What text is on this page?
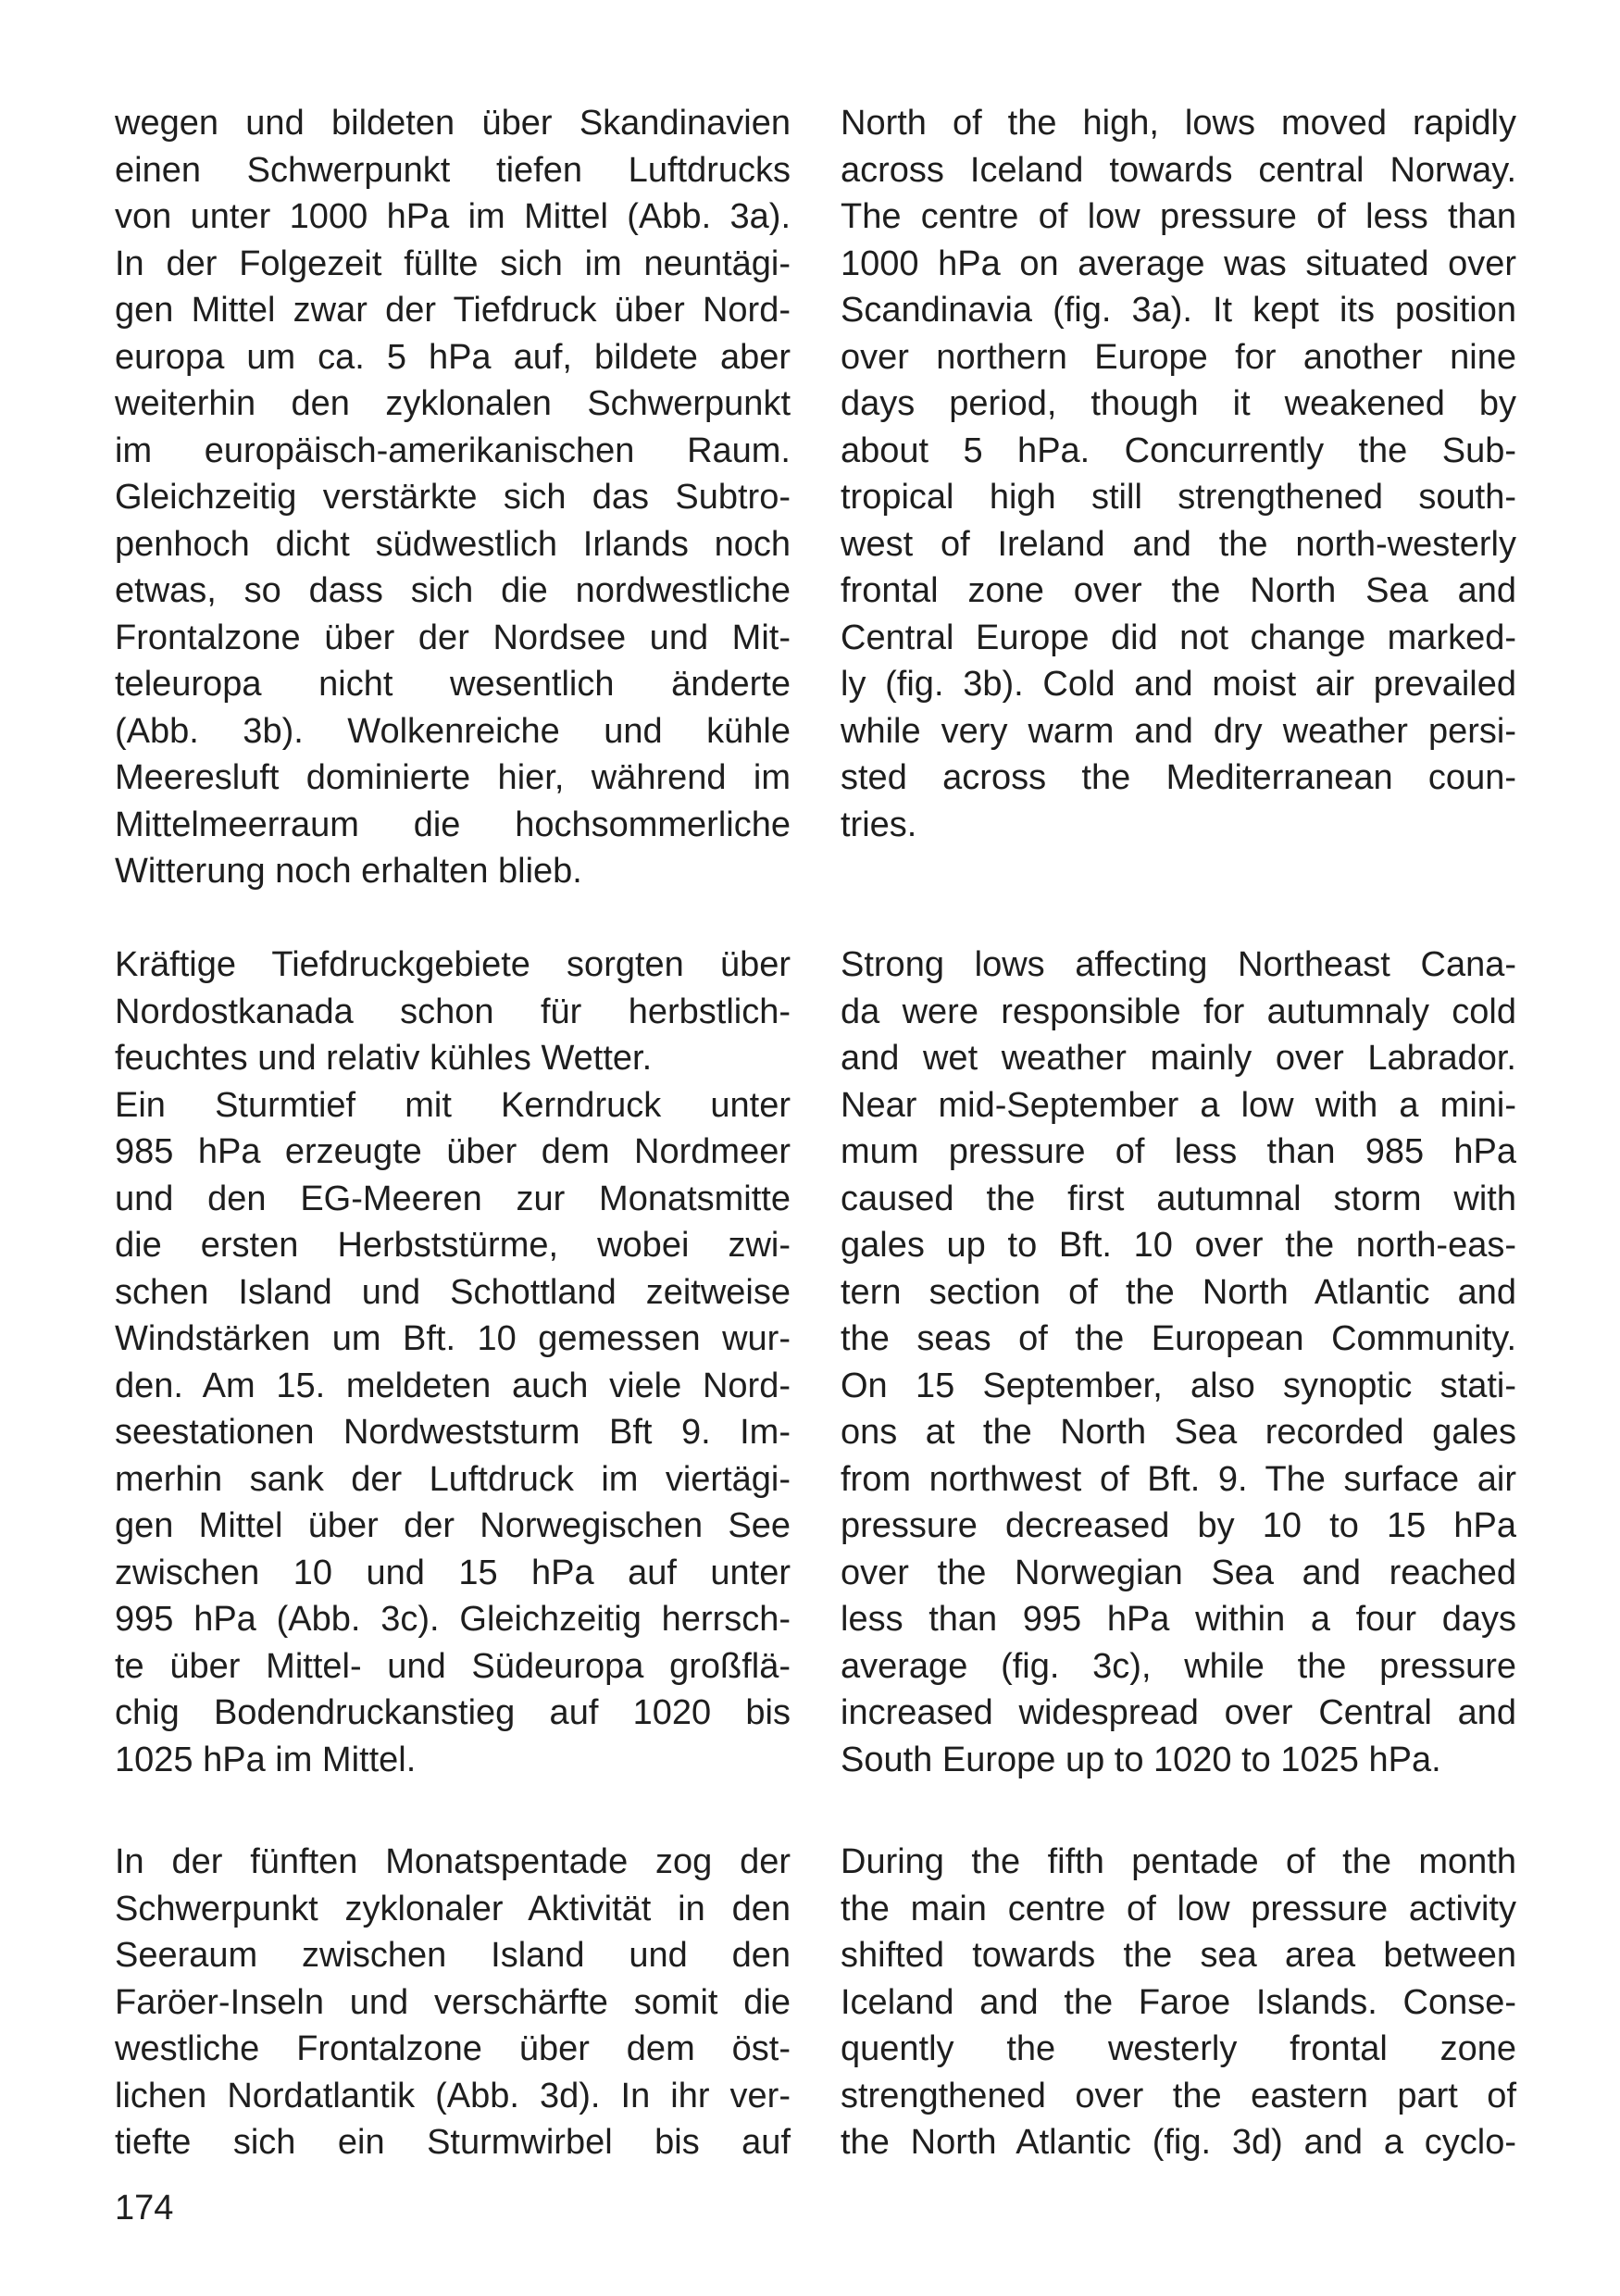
wegen und bildeten über Skandinavien
einen Schwerpunkt tiefen Luftdrucks
von unter 1000 hPa im Mittel (Abb. 3a).
In der Folgezeit füllte sich im neuntägi-
gen Mittel zwar der Tiefdruck über Nord-
europa um ca. 5 hPa auf, bildete aber
weiterhin den zyklonalen Schwerpunkt
im europäisch-amerikanischen Raum.
Gleichzeitig verstärkte sich das Subtro-
penhoch dicht südwestlich Irlands noch
etwas, so dass sich die nordwestliche
Frontalzone über der Nordsee und Mit-
teleuropa nicht wesentlich änderte
(Abb. 3b). Wolkenreiche und kühle
Meeresluft dominierte hier, während im
Mittelmeerraum die hochsommerliche
Witterung noch erhalten blieb.
Kräftige Tiefdruckgebiete sorgten über
Nordostkanada schon für herbstlich-
feuchtes und relativ kühles Wetter.
Ein Sturmtief mit Kerndruck unter
985 hPa erzeugte über dem Nordmeer
und den EG-Meeren zur Monatsmitte
die ersten Herbststürme, wobei zwi-
schen Island und Schottland zeitweise
Windstärken um Bft. 10 gemessen wur-
den. Am 15. meldeten auch viele Nord-
seestationen Nordweststurm Bft 9. Im-
merhin sank der Luftdruck im viertägi-
gen Mittel über der Norwegischen See
zwischen 10 und 15 hPa auf unter
995 hPa (Abb. 3c). Gleichzeitig herrsch-
te über Mittel- und Südeuropa großflä-
chig Bodendruckanstieg auf 1020 bis
1025 hPa im Mittel.
In der fünften Monatspentade zog der
Schwerpunkt zyklonaler Aktivität in den
Seeraum zwischen Island und den
Faröer-Inseln und verschärfte somit die
westliche Frontalzone über dem öst-
lichen Nordatlantik (Abb. 3d). In ihr ver-
tiefte sich ein Sturmwirbel bis auf
North of the high, lows moved rapidly
across Iceland towards central Norway.
The centre of low pressure of less than
1000 hPa on average was situated over
Scandinavia (fig. 3a). It kept its position
over northern Europe for another nine
days period, though it weakened by
about 5 hPa. Concurrently the Sub-
tropical high still strengthened south-
west of Ireland and the north-westerly
frontal zone over the North Sea and
Central Europe did not change marked-
ly (fig. 3b). Cold and moist air prevailed
while very warm and dry weather persi-
sted across the Mediterranean coun-
tries.
Strong lows affecting Northeast Cana-
da were responsible for autumnaly cold
and wet weather mainly over Labrador.
Near mid-September a low with a mini-
mum pressure of less than 985 hPa
caused the first autumnal storm with
gales up to Bft. 10 over the north-eas-
tern section of the North Atlantic and
the seas of the European Community.
On 15 September, also synoptic stati-
ons at the North Sea recorded gales
from northwest of Bft. 9. The surface air
pressure decreased by 10 to 15 hPa
over the Norwegian Sea and reached
less than 995 hPa within a four days
average (fig. 3c), while the pressure
increased widespread over Central and
South Europe up to 1020 to 1025 hPa.
During the fifth pentade of the month
the main centre of low pressure activity
shifted towards the sea area between
Iceland and the Faroe Islands. Conse-
quently the westerly frontal zone
strengthened over the eastern part of
the North Atlantic (fig. 3d) and a cyclo-
174
